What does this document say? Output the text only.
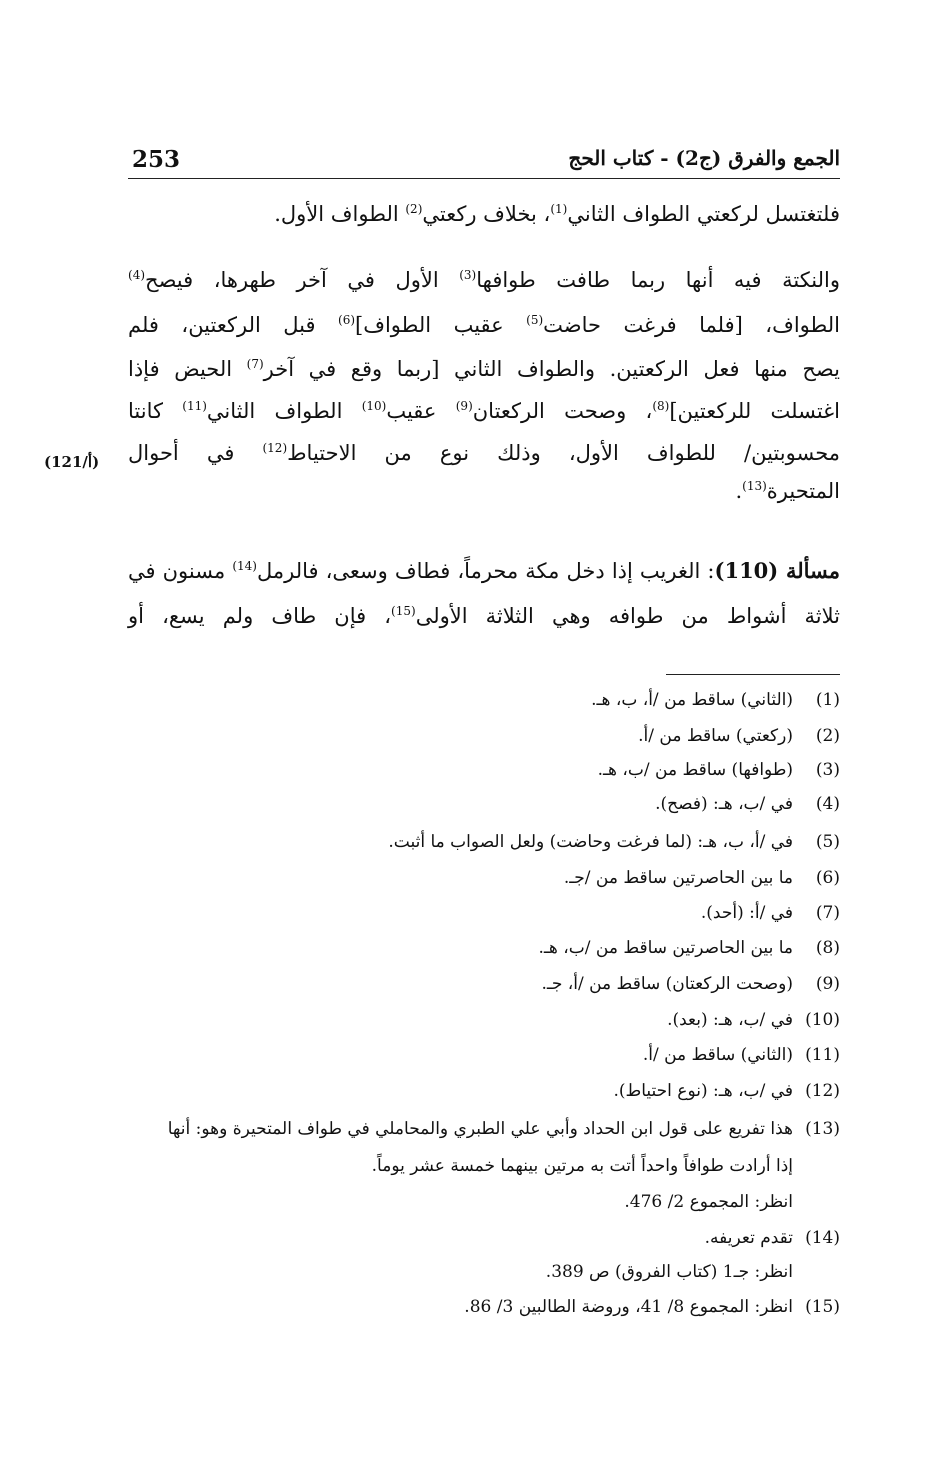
253	الجمع والفرق (ج2) - كتاب الحج
فلتغتسل لركعتي الطواف الثاني$^{(1)}$، بخلاف ركعتي$^{(2)}$ الطواف الأول.
والنكتة فيه أنها ربما طافت طوافها$^{(3)}$ الأول في آخر طهرها، فيصح$^{(4)}$
الطواف، [فلما فرغت حاضت$^{(5)}$ عقيب الطواف]$^{(6)}$ قبل الركعتين، فلم
يصح منها فعل الركعتين. والطواف الثاني [ربما وقع في آخر$^{(7)}$ الحيض فإذا
اغتسلت للركعتين]$^{(8)}$، وصحت الركعتان$^{(9)}$ عقيب$^{(10)}$ الطواف الثاني$^{(11)}$ كانتا
محسوبتين/ للطواف الأول، وذلك نوع من الاحتياط$^{(12)}$ في أحوال
(121/أ)
المتحيرة$^{(13)}$.
مسألة (110): الغريب إذا دخل مكة محرماً، فطاف وسعى، فالرمل$^{(14)}$ مسنون في
ثلاثة أشواط من طوافه وهي الثلاثة الأولى$^{(15)}$، فإن طاف ولم يسع، أو
(1)
(الثاني) ساقط من /أ، ب، هـ.
(2)
(ركعتي) ساقط من /أ.
(3)
(طوافها) ساقط من /ب، هـ.
(4)
في /ب، هـ: (فصح).
(5)
في /أ، ب، هـ: (لما فرغت وحاضت) ولعل الصواب ما أثبت.
(6)
ما بين الحاصرتين ساقط من /جـ.
(7)
في /أ: (أحد).
(8)
ما بين الحاصرتين ساقط من /ب، هـ.
(9)
(وصحت الركعتان) ساقط من /أ، جـ.
(10)
في /ب، هـ: (بعد).
(11)
(الثاني) ساقط من /أ.
(12)
في /ب، هـ: (نوع احتياط).
(13)
هذا تفريع على قول ابن الحداد وأبي علي الطبري والمحاملي في طواف المتحيرة وهو: أنها
إذا أرادت طوافاً واحداً أتت به مرتين بينهما خمسة عشر يوماً.
انظر: المجموع 2/ 476.
(14)
تقدم تعريفه.
انظر: جـ1 (كتاب الفروق) ص 389.
(15)
انظر: المجموع 8/ 41، وروضة الطالبين 3/ 86.
